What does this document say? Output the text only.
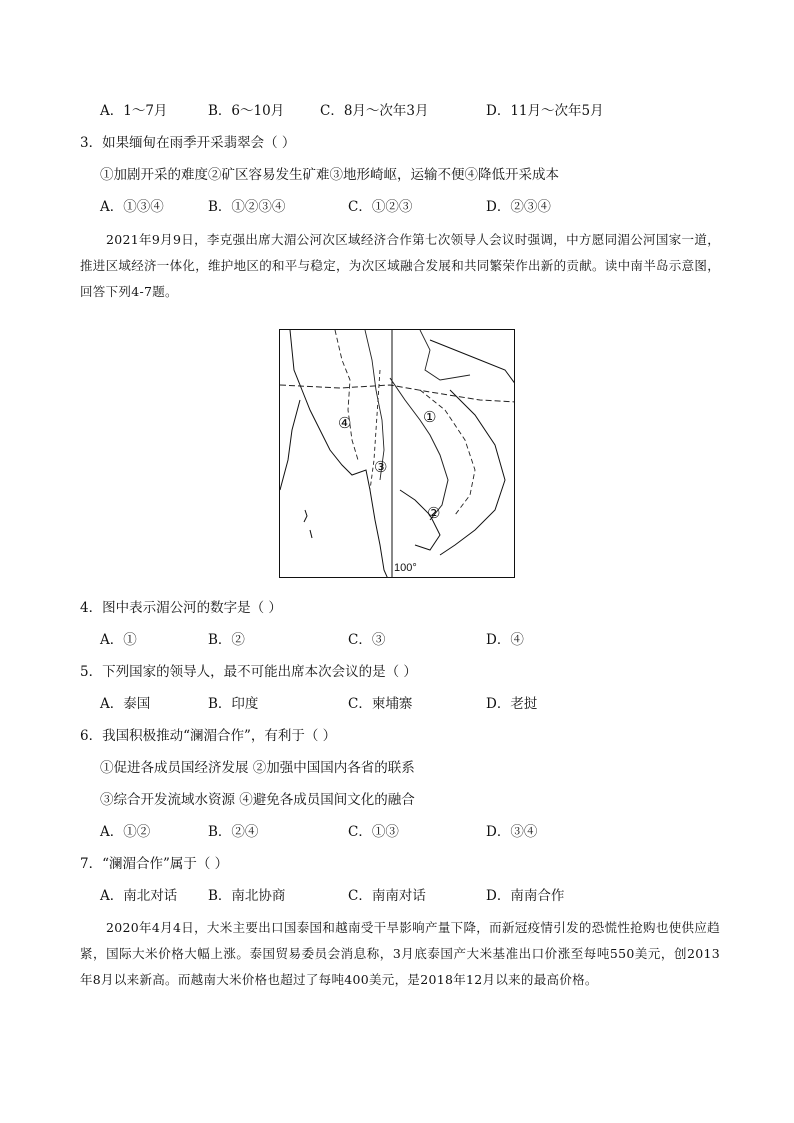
A．1～7月	B．6～10月	C．8月～次年3月	D．11月～次年5月
3．如果缅甸在雨季开采翡翠会（ ）
①加剧开采的难度②矿区容易发生矿难③地形崎岖，运输不便④降低开采成本
A．①③④	B．①②③④	C．①②③	D．②③④
2021年9月9日，李克强出席大湄公河次区域经济合作第七次领导人会议时强调，中方愿同湄公河国家一道，推进区域经济一体化，维护地区的和平与稳定，为次区域融合发展和共同繁荣作出新的贡献。读中南半岛示意图，回答下列4-7题。
①
②
③
④
100°
4．图中表示湄公河的数字是（ ）
A．①	B．②	C．③	D．④
5．下列国家的领导人，最不可能出席本次会议的是（ ）
A．泰国	B．印度	C．柬埔寨	D．老挝
6．我国积极推动“澜湄合作”，有利于（ ）
①促进各成员国经济发展 ②加强中国国内各省的联系
③综合开发流域水资源 ④避免各成员国间文化的融合
A．①②	B．②④	C．①③	D．③④
7．“澜湄合作”属于（ ）
A．南北对话 B．南北协商	C．南南对话	D．南南合作
2020年4月4日，大米主要出口国泰国和越南受干旱影响产量下降，而新冠疫情引发的恐慌性抢购也使供应趋紧，国际大米价格大幅上涨。泰国贸易委员会消息称，3月底泰国产大米基准出口价涨至每吨550美元，创2013年8月以来新高。而越南大米价格也超过了每吨400美元，是2018年12月以来的最高价格。
